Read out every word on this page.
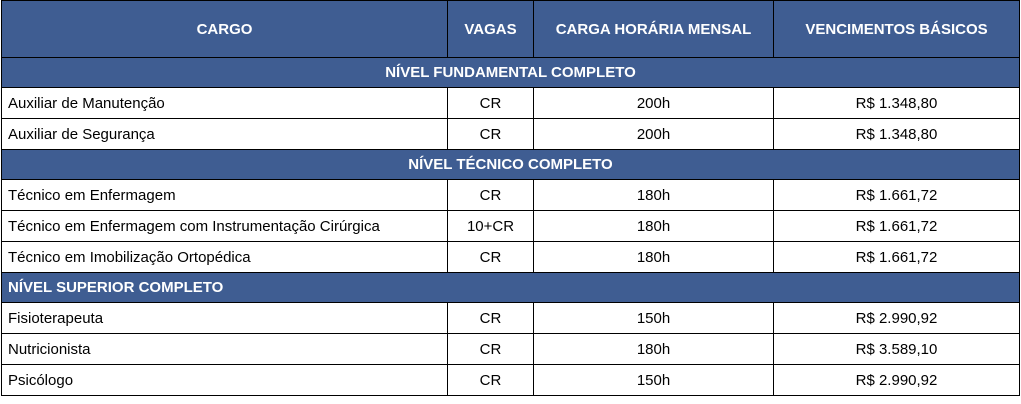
CARGO	VAGAS	CARGA HORÁRIA MENSAL	VENCIMENTOS BÁSICOS
NÍVEL FUNDAMENTAL COMPLETO			
Auxiliar de Manutenção	CR	200h	R$ 1.348,80
Auxiliar de Segurança	CR	200h	R$ 1.348,80
NÍVEL TÉCNICO COMPLETO			
Técnico em Enfermagem	CR	180h	R$ 1.661,72
Técnico em Enfermagem com Instrumentação Cirúrgica	10+CR	180h	R$ 1.661,72
Técnico em Imobilização Ortopédica	CR	180h	R$ 1.661,72
NÍVEL SUPERIOR COMPLETO			
Fisioterapeuta	CR	150h	R$ 2.990,92
Nutricionista	CR	180h	R$ 3.589,10
Psicólogo	CR	150h	R$ 2.990,92
